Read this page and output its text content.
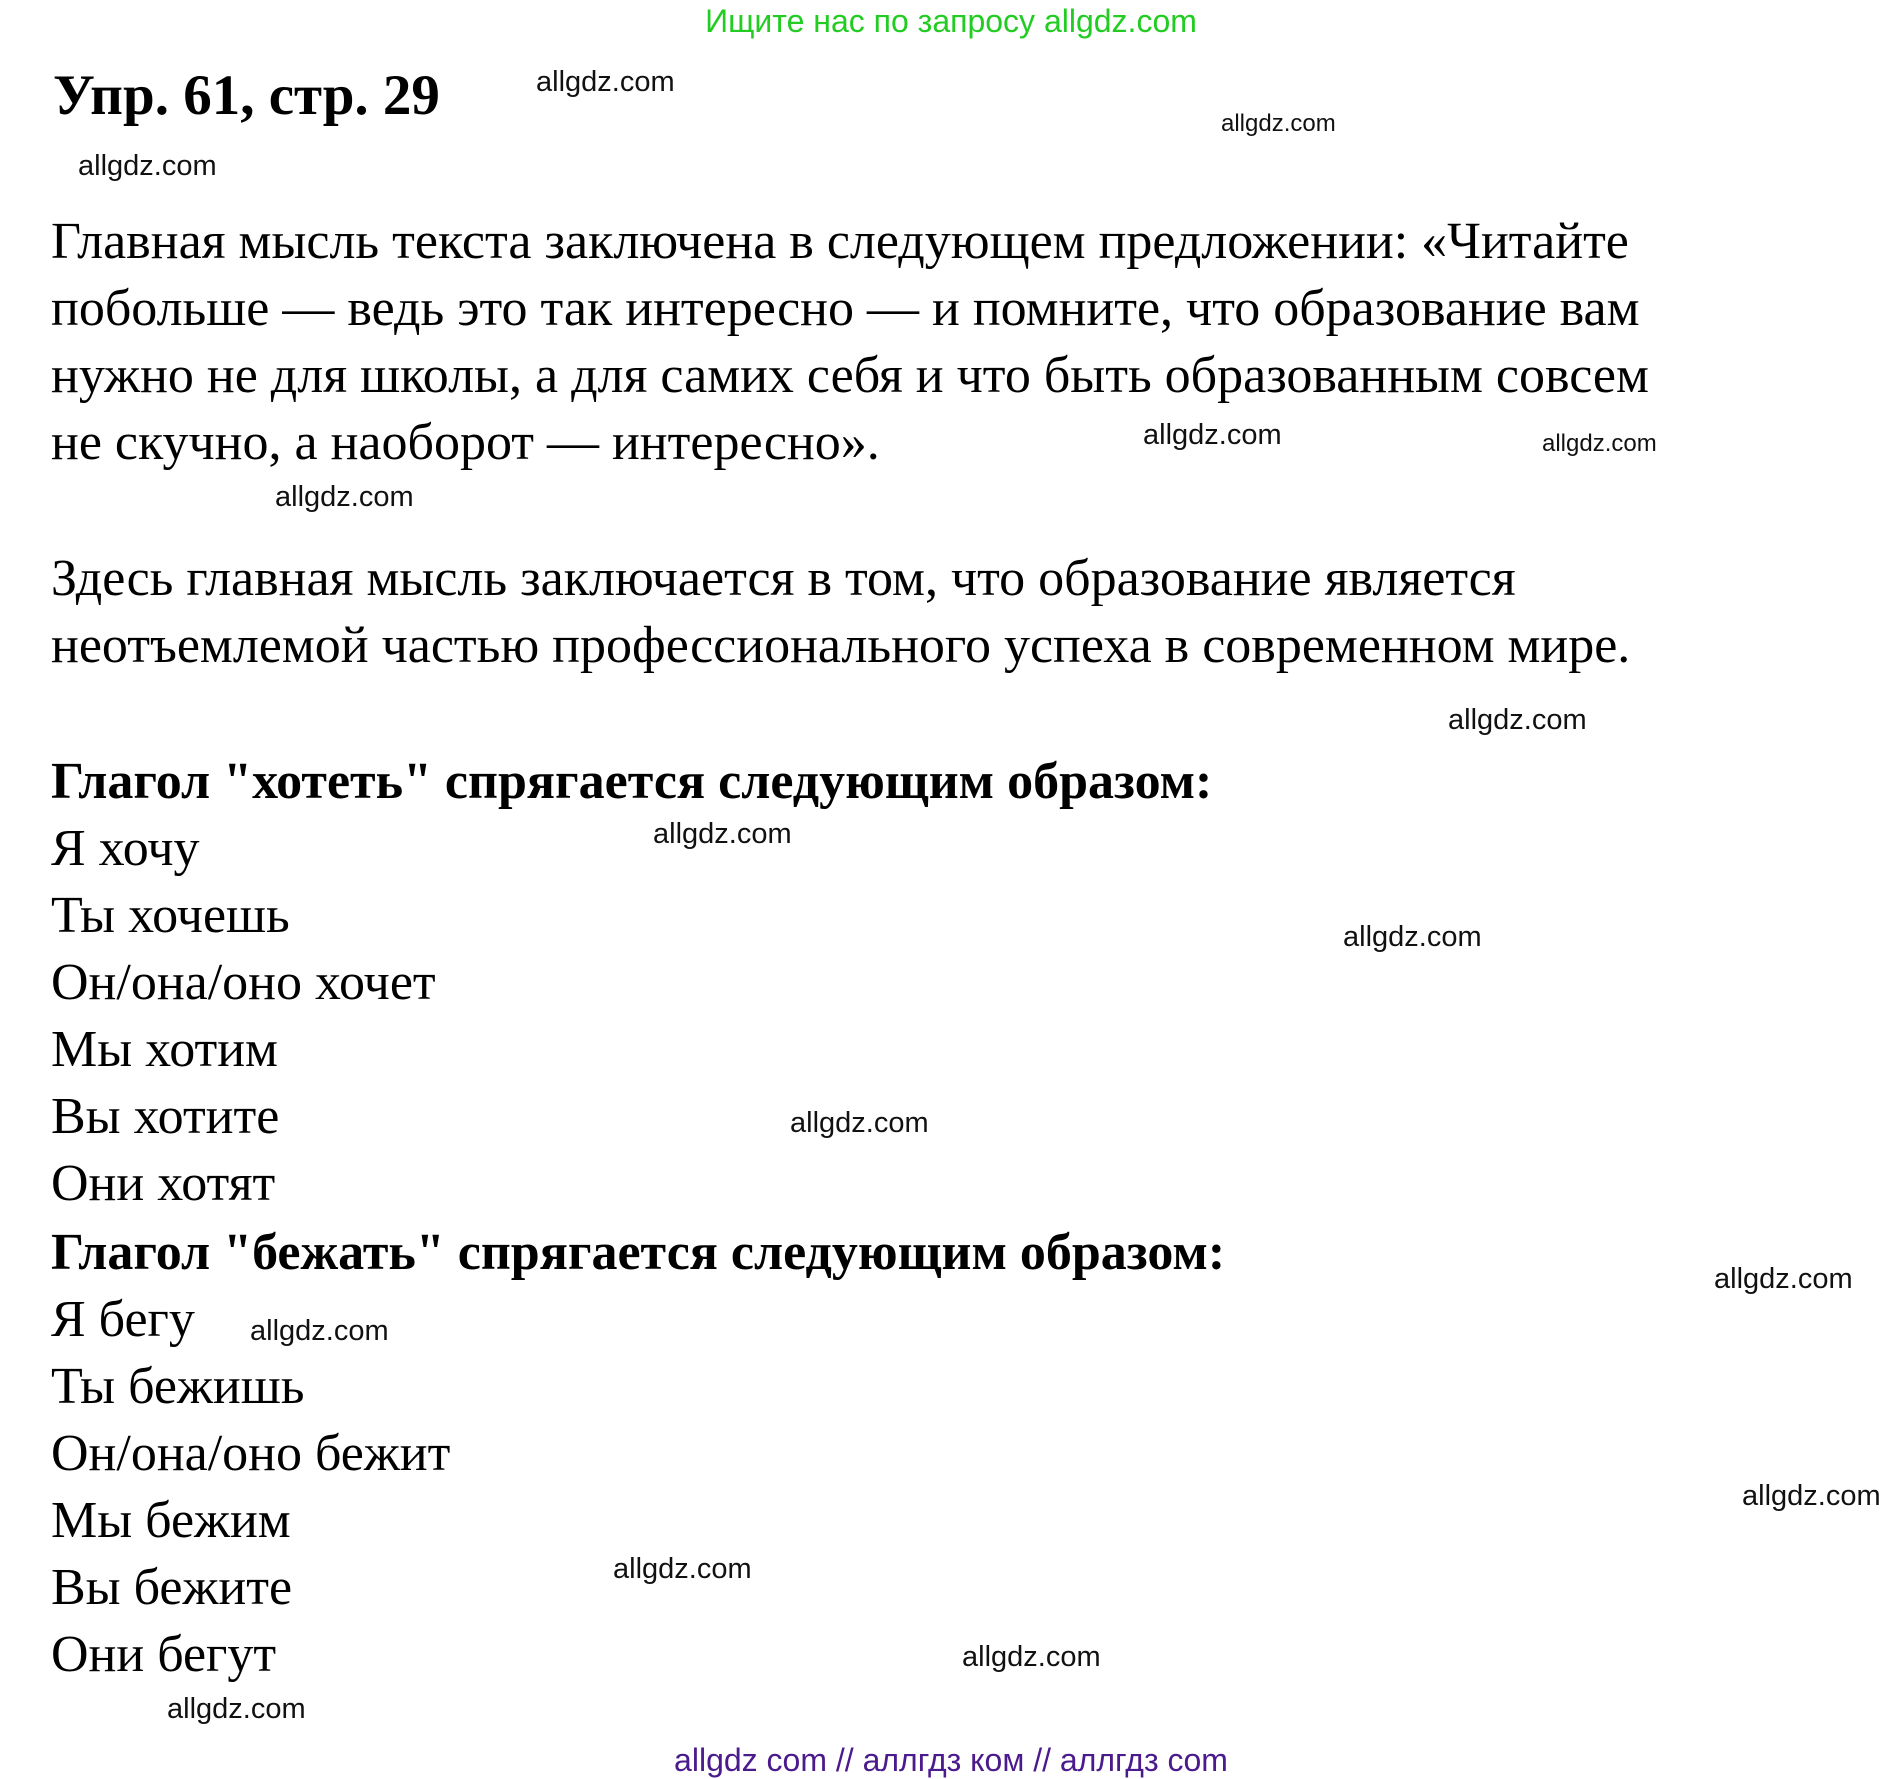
Ищите нас по запросу allgdz.com
Упр. 61, стр. 29
Главная мысль текста заключена в следующем предложении: «Читайте
побольше — ведь это так интересно — и помните, что образование вам
нужно не для школы, а для самих себя и что быть образованным совсем
не скучно, а наоборот — интересно».
Здесь главная мысль заключается в том, что образование является
неотъемлемой частью профессионального успеха в современном мире.
Глагол "хотеть" спрягается следующим образом:
Я хочу
Ты хочешь
Он/она/оно хочет
Мы хотим
Вы хотите
Они хотят
Глагол "бежать" спрягается следующим образом:
Я бегу
Ты бежишь
Он/она/оно бежит
Мы бежим
Вы бежите
Они бегут
allgdz.com
allgdz.com
allgdz.com
allgdz.com
allgdz.com
allgdz.com
allgdz.com
allgdz.com
allgdz.com
allgdz.com
allgdz.com
allgdz.com
allgdz.com
allgdz.com
allgdz.com
allgdz.com
allgdz com // аллгдз ком // аллгдз com
